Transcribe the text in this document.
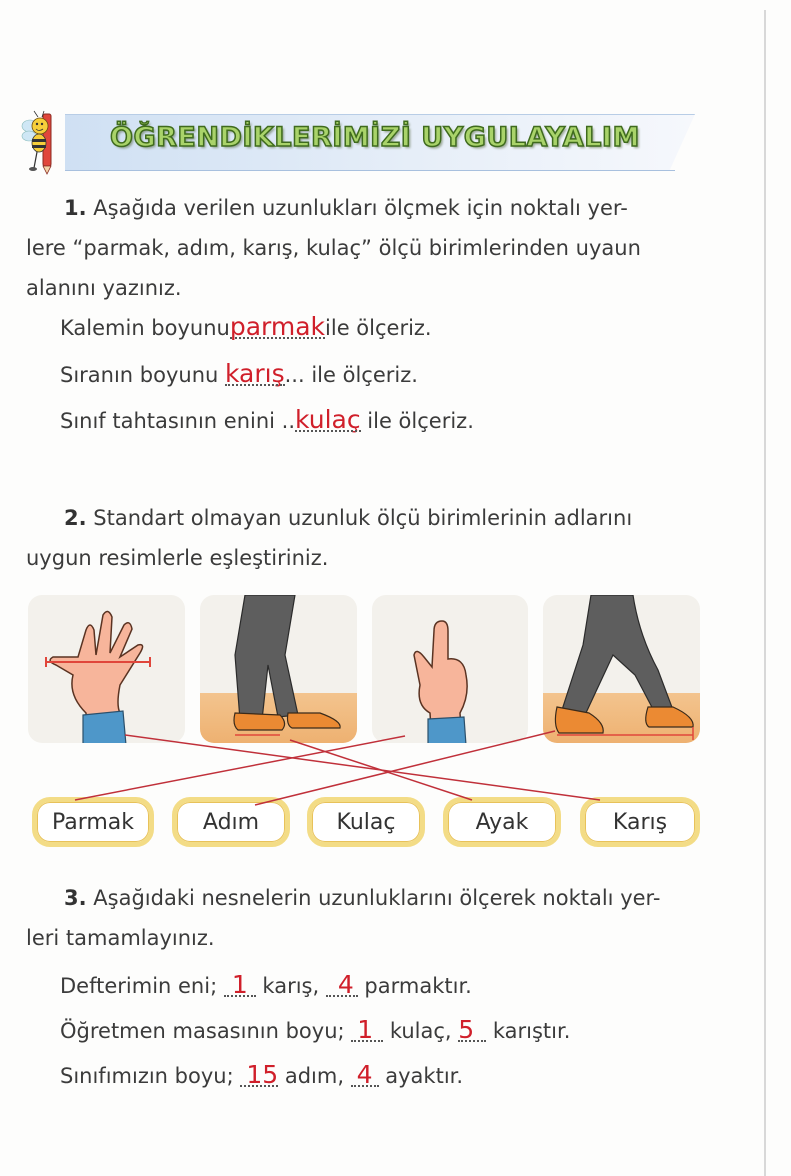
ÖĞRENDİKLERİMİZİ UYGULAYALIM
1. Aşağıda verilen uzunlukları ölçmek için noktalı yer-
lere “parmak, adım, karış, kulaç” ölçü birimlerinden uyaun
alanını yazınız.
Kalemin boyunuparmak
ile ölçeriz.
Sıranın boyunu karış
... ile ölçeriz.
Sınıf tahtasının enini ..kulaç
ile ölçeriz.
2. Standart olmayan uzunluk ölçü birimlerinin adlarını
uygun resimlerle eşleştiriniz.
Parmak	Adım	Kulaç	Ayak	Karış
3. Aşağıdaki nesnelerin uzunluklarını ölçerek noktalı yer-
leri tamamlayınız.
Defterimin eni; 1
karış, 4
parmaktır.
Öğretmen masasının boyu; 1
kulaç, 5
karıştır.
Sınıfımızın boyu; 15
adım, 4
ayaktır.
